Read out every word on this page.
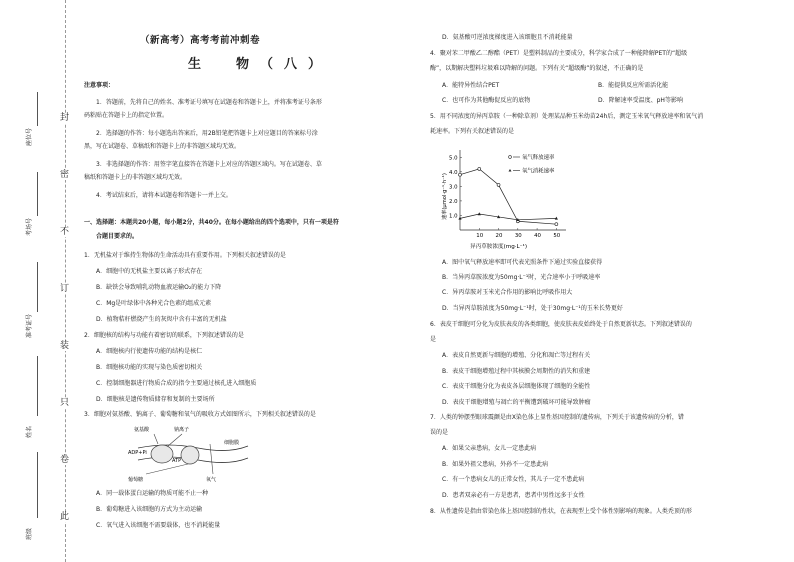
此
卷
只
装
订
不
密
封
准考证号
考场号
座位号
姓名
班级
（新高考）高考考前冲刺卷
生　物（八）
注意事项：
1．答题前，先将自己的姓名、准考证号填写在试题卷和答题卡上，并将准考证号条形
码粘贴在答题卡上的指定位置。
2．选择题的作答：每小题选出答案后，用2B铅笔把答题卡上对应题目的答案标号涂
黑，写在试题卷、草稿纸和答题卡上的非答题区域均无效。
3．非选择题的作答：用签字笔直接答在答题卡上对应的答题区域内。写在试题卷、草
稿纸和答题卡上的非答题区域均无效。
4．考试结束后，请将本试题卷和答题卡一并上交。
一、选择题：本题共20小题，每小题2分，共40分。在每小题给出的四个选项中，只有一项是符
合题目要求的。
1．无机盐对于维持生物体的生命活动具有重要作用。下列相关叙述错误的是
A．细胞中的无机盐主要以离子形式存在
B．缺铁会导致哺乳动物血液运输O₂的能力下降
C．Mg是叶绿体中各种光合色素的组成元素
D．植物秸秆燃烧产生的灰烬中含有丰富的无机盐
2．细胞核的结构与功能有着密切的联系，下列叙述错误的是
A．细胞核内行使遗传功能的结构是核仁
B．细胞核功能的实现与染色质密切相关
C．控制细胞器进行物质合成的指令主要通过核孔进入细胞质
D．细胞核是遗传物质储存和复制的主要场所
3．细胞对氨基酸、钠离子、葡萄糖和氧气的吸收方式如图所示，下列相关叙述错误的是
氨基酸	钠离子
细胞膜
ADP+Pi
ATP
葡萄糖	氧气
A．同一载体蛋白运输的物质可能不止一种
B．葡萄糖进入该细胞的方式为主动运输
C．氧气进入该细胞不需要载体，也不消耗能量
D．氨基酸可逆浓度梯度进入该细胞且不消耗能量
4．聚对苯二甲酸乙二醇酯（PET）是塑料制品的主要成分，科学家合成了一种能降解PET的“超级
酶”，以期解决塑料垃圾难以降解的问题。下列有关“超级酶”的叙述，不正确的是
A．能特异性结合PET	B．能提供反应所需活化能
C．也可作为其他酶促反应的底物	D．降解速率受温度、pH等影响
5．用不同浓度的异丙草胺（一种除草剂）处理某品种玉米幼苗24h后，测定玉米氧气释放速率和氧气消
耗速率。下列有关叙述错误的是
10 20 30 40 50
1.0
2.0
3.0
4.0
5.0
速率(μmol·g⁻¹·h⁻¹)
异丙草胺浓度(mg·L⁻¹)
氧气释放速率
氧气消耗速率
A．图中氧气释放速率即可代表光照条件下通过实验直接获得
B．当异丙草胺浓度为50mg·L⁻¹时，光合速率小于呼吸速率
C．异丙草胺对玉米光合作用的影响比呼吸作用大
D．当异丙草胺浓度为50mg·L⁻¹时，处于30mg·L⁻¹的玉米长势更好
6．表皮干细胞可分化为皮肤表皮的各类细胞，使皮肤表皮始终处于自然更新状态。下列叙述错误的
是
A．表皮自然更新与细胞的增殖、分化和凋亡等过程有关
B．表皮干细胞增殖过程中其核膜会周期性的消失和重建
C．表皮干细胞分化为表皮各层细胞体现了细胞的全能性
D．表皮干细胞增殖与凋亡的平衡遭到破坏可能导致肿瘤
7．人类的钟摆型眼球震颤是由X染色体上显性基因控制的遗传病，下列关于该遗传病的分析，错
误的是
A．如果父亲患病，女儿一定患此病
B．如果外祖父患病，外孙不一定患此病
C．有一个患病女儿的正常女性，其儿子一定不患此病
D．患者双亲必有一方是患者，患者中男性远多于女性
8．从性遗传是指由常染色体上基因控制的性状，在表现型上受个体性别影响的现象。人类秃顶的形
